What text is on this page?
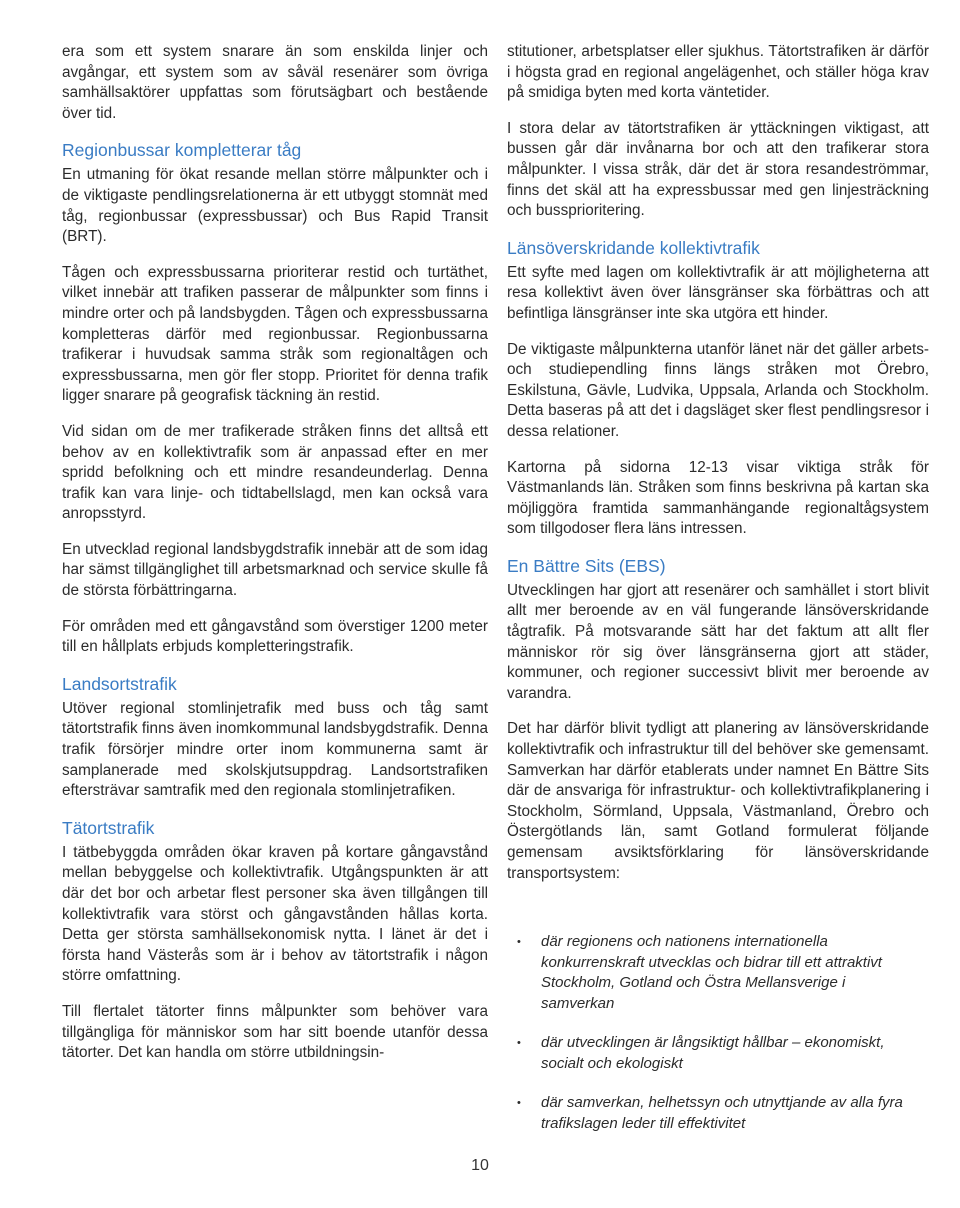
era som ett system snarare än som enskilda linjer och avgångar, ett system som av såväl resenärer som övriga samhällsaktörer uppfattas som förutsägbart och bestående över tid.

Regionbussar kompletterar tåg

En utmaning för ökat resande mellan större målpunkter och i de viktigaste pendlingsrelationerna är ett utbyggt stomnät med tåg, regionbussar (expressbussar) och Bus Rapid Transit (BRT).

Tågen och expressbussarna prioriterar restid och turtäthet, vilket innebär att trafiken passerar de målpunkter som finns i mindre orter och på landsbygden. Tågen och expressbussarna kompletteras därför med regionbussar. Regionbussarna trafikerar i huvudsak samma stråk som regionaltågen och expressbussarna, men gör fler stopp. Prioritet för denna trafik ligger snarare på geografisk täckning än restid.

Vid sidan om de mer trafikerade stråken finns det alltså ett behov av en kollektivtrafik som är anpassad efter en mer spridd befolkning och ett mindre resandeunderlag. Denna trafik kan vara linje- och tidtabellslagd, men kan också vara anropsstyrd.

En utvecklad regional landsbygdstrafik innebär att de som idag har sämst tillgänglighet till arbetsmarknad och service skulle få de största förbättringarna.

För områden med ett gångavstånd som överstiger 1200 meter till en hållplats erbjuds kompletteringstrafik.

Landsortstrafik

Utöver regional stomlinjetrafik med buss och tåg samt tätortstrafik finns även inomkommunal landsbygdstrafik. Denna trafik försörjer mindre orter inom kommunerna samt är samplanerade med skolskjutsuppdrag. Landsortstrafiken eftersträvar samtrafik med den regionala stomlinjetrafiken.

Tätortstrafik

I tätbebyggda områden ökar kraven på kortare gångavstånd mellan bebyggelse och kollektivtrafik. Utgångspunkten är att där det bor och arbetar flest personer ska även tillgången till kollektivtrafik vara störst och gångavstånden hållas korta. Detta ger största samhällsekonomisk nytta. I länet är det i första hand Västerås som är i behov av tätortstrafik i någon större omfattning.

Till flertalet tätorter finns målpunkter som behöver vara tillgängliga för människor som har sitt boende utanför dessa tätorter. Det kan handla om större utbildningsin-

stitutioner, arbetsplatser eller sjukhus. Tätortstrafiken är därför i högsta grad en regional angelägenhet, och ställer höga krav på smidiga byten med korta väntetider.

I stora delar av tätortstrafiken är yttäckningen viktigast, att bussen går där invånarna bor och att den trafikerar stora målpunkter. I vissa stråk, där det är stora resandeströmmar, finns det skäl att ha expressbussar med gen linjesträckning och bussprioritering.

Länsöverskridande kollektivtrafik

Ett syfte med lagen om kollektivtrafik är att möjligheterna att resa kollektivt även över länsgränser ska förbättras och att befintliga länsgränser inte ska utgöra ett hinder.

De viktigaste målpunkterna utanför länet när det gäller arbets- och studiependling finns längs stråken mot Örebro, Eskilstuna, Gävle, Ludvika, Uppsala, Arlanda och Stockholm. Detta baseras på att det i dagsläget sker flest pendlingsresor i dessa relationer.

Kartorna på sidorna 12-13 visar viktiga stråk för Västmanlands län. Stråken som finns beskrivna på kartan ska möjliggöra framtida sammanhängande regionaltågsystem som tillgodoser flera läns intressen.

En Bättre Sits (EBS)

Utvecklingen har gjort att resenärer och samhället i stort blivit allt mer beroende av en väl fungerande länsöverskridande tågtrafik. På motsvarande sätt har det faktum att allt fler människor rör sig över länsgränserna gjort att städer, kommuner, och regioner successivt blivit mer beroende av varandra.

Det har därför blivit tydligt att planering av länsöverskridande kollektivtrafik och infrastruktur till del behöver ske gemensamt. Samverkan har därför etablerats under namnet En Bättre Sits där de ansvariga för infrastruktur- och kollektivtrafikplanering i Stockholm, Sörmland, Uppsala, Västmanland, Örebro och Östergötlands län, samt Gotland formulerat följande gemensam avsiktsförklaring för länsöverskridande transportsystem:

• där regionens och nationens internationella konkurrenskraft utvecklas och bidrar till ett attraktivt Stockholm, Gotland och Östra Mellansverige i samverkan
• där utvecklingen är långsiktigt hållbar – ekonomiskt, socialt och ekologiskt
• där samverkan, helhetssyn och utnyttjande av alla fyra trafikslagen leder till effektivitet
10
